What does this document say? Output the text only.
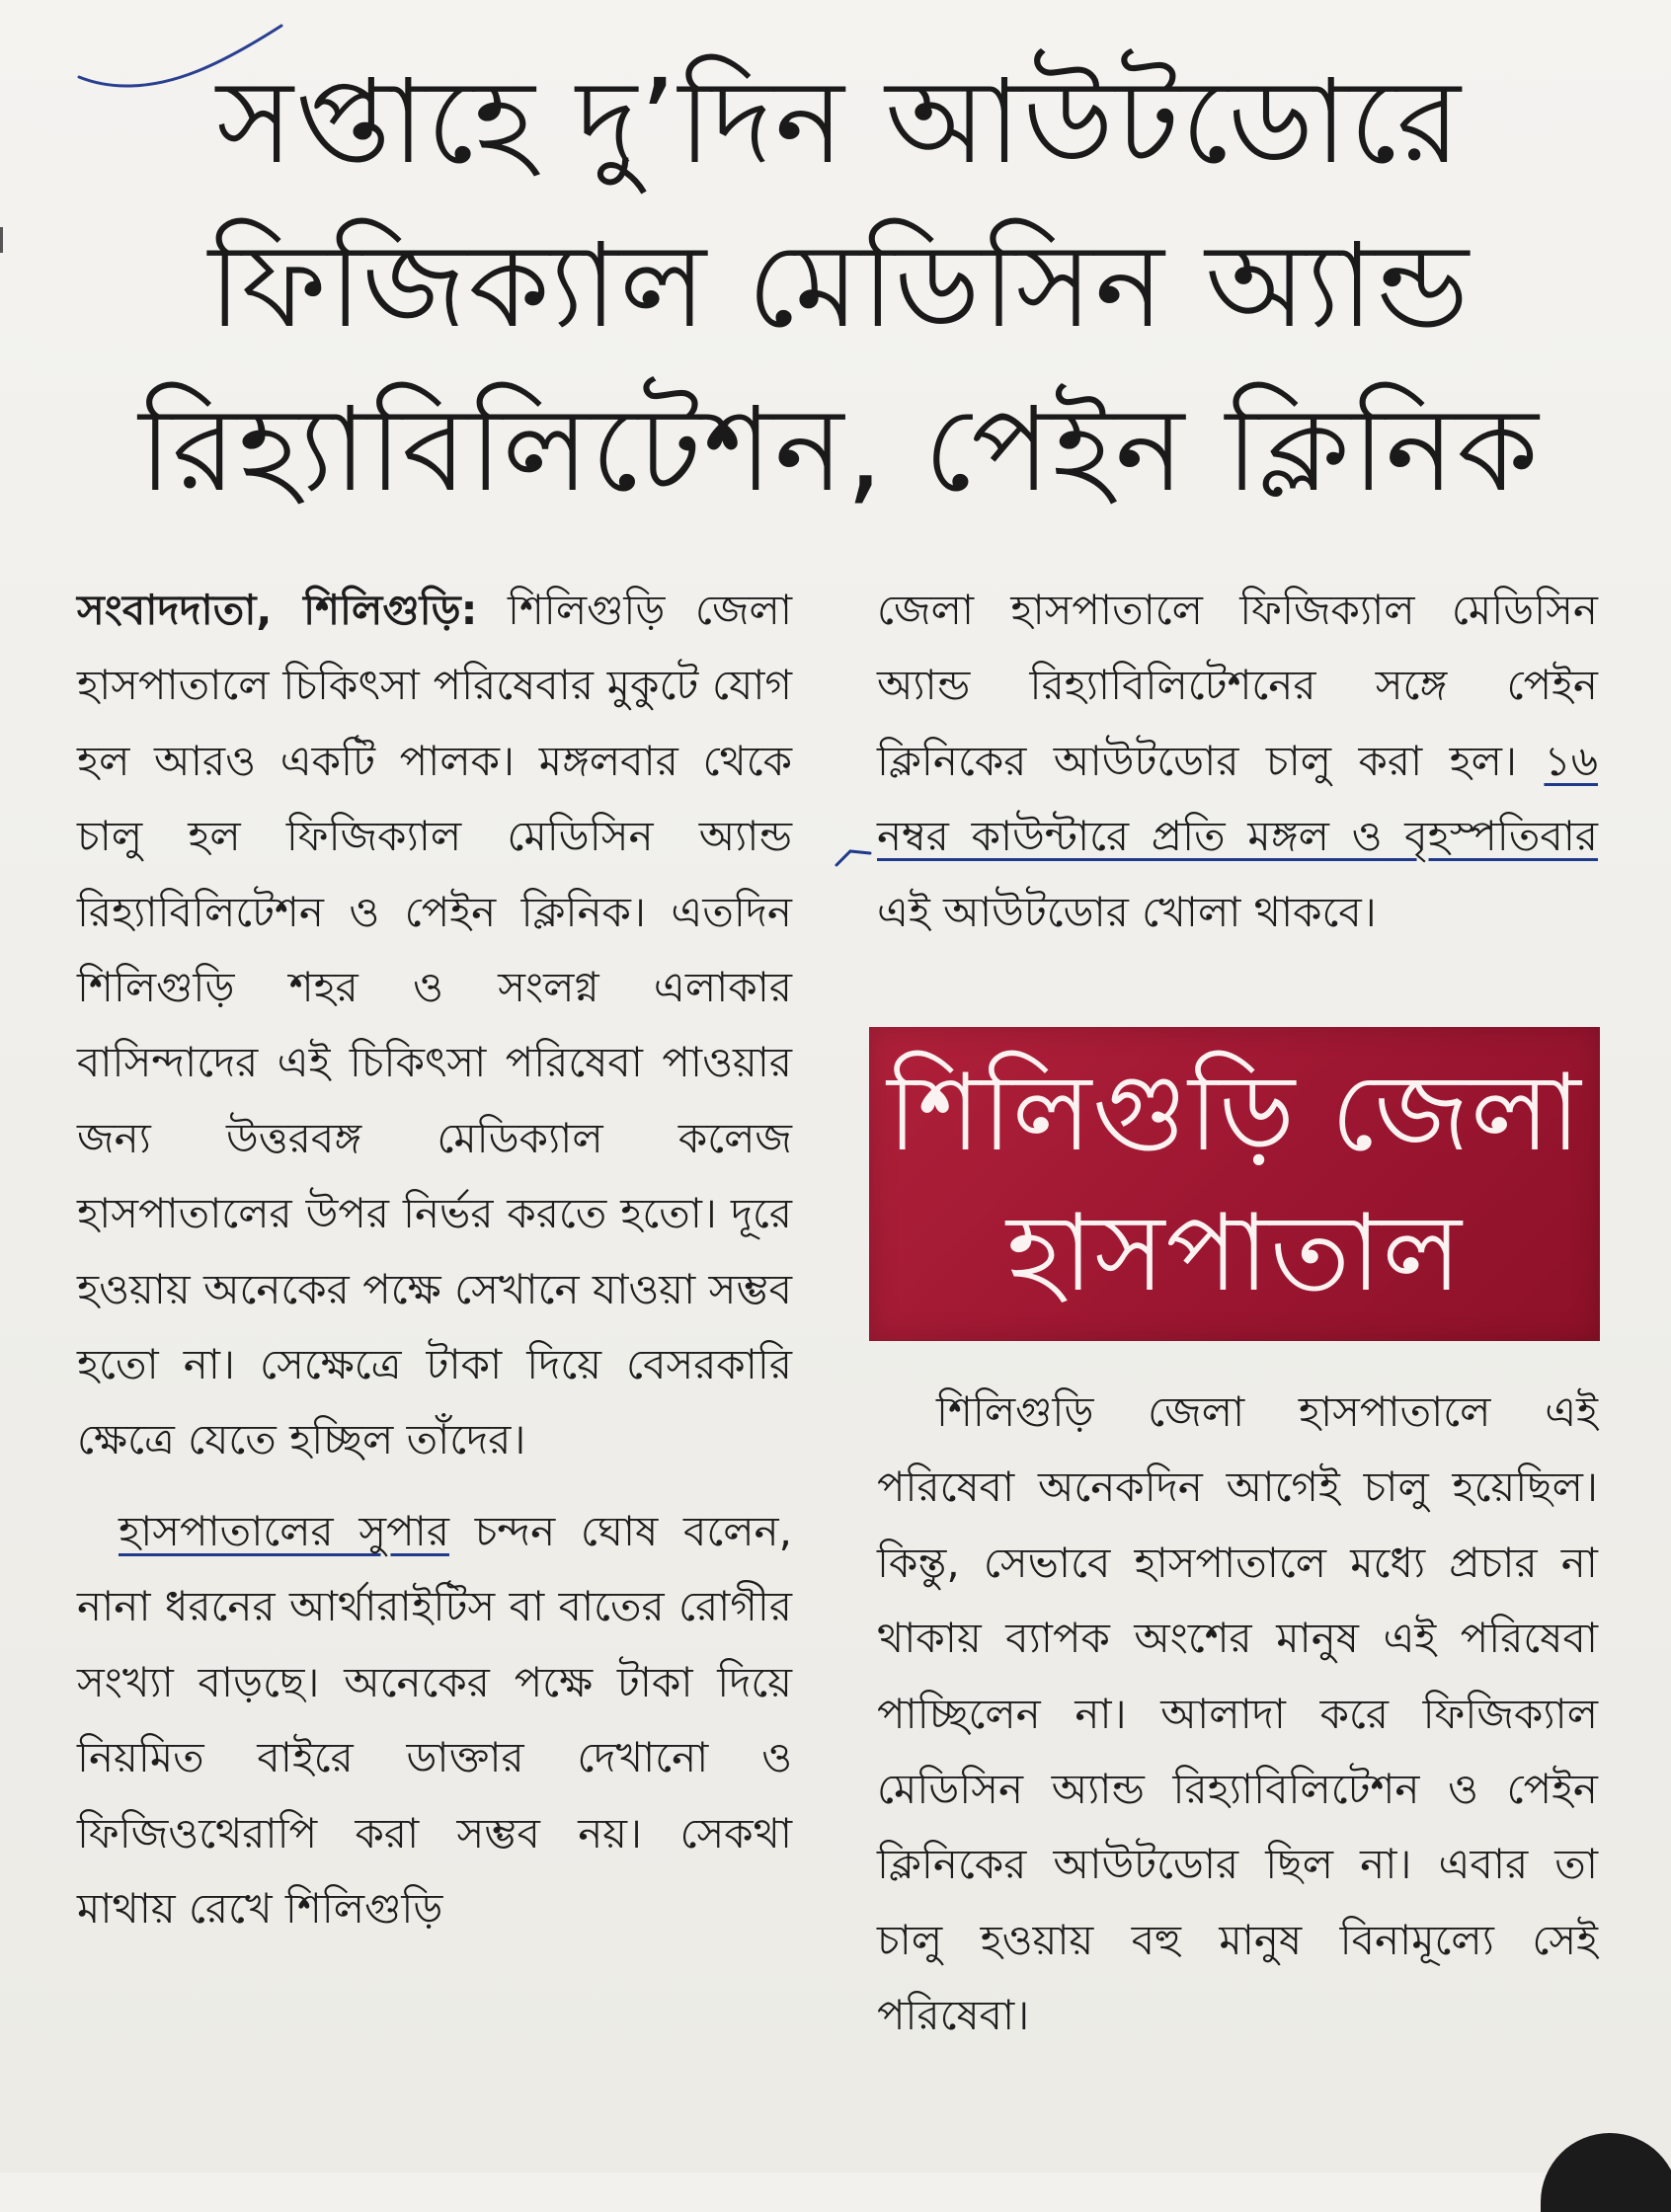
সপ্তাহে দু’দিন আউটডোরে
ফিজিক্যাল মেডিসিন অ্যান্ড
রিহ্যাবিলিটেশন, পেইন ক্লিনিক

সংবাদদাতা, শিলিগুড়ি: শিলিগুড়ি জেলা হাসপাতালে চিকিৎসা পরিষেবার মুকুটে যোগ হল আরও একটি পালক। মঙ্গলবার থেকে চালু হল ফিজিক্যাল মেডিসিন অ্যান্ড রিহ্যাবিলিটেশন ও পেইন ক্লিনিক। এতদিন শিলিগুড়ি শহর ও সংলগ্ন এলাকার বাসিন্দাদের এই চিকিৎসা পরিষেবা পাওয়ার জন্য উত্তরবঙ্গ মেডিক্যাল কলেজ হাসপাতালের উপর নির্ভর করতে হতো। দূরে হওয়ায় অনেকের পক্ষে সেখানে যাওয়া সম্ভব হতো না। সেক্ষেত্রে টাকা দিয়ে বেসরকারি ক্ষেত্রে যেতে হচ্ছিল তাঁদের।

হাসপাতালের সুপার চন্দন ঘোষ বলেন, নানা ধরনের আর্থারাইটিস বা বাতের রোগীর সংখ্যা বাড়ছে। অনেকের পক্ষে টাকা দিয়ে নিয়মিত বাইরে ডাক্তার দেখানো ও ফিজিওথেরাপি করা সম্ভব নয়। সেকথা মাথায় রেখে শিলিগুড়ি

জেলা হাসপাতালে ফিজিক্যাল মেডিসিন অ্যান্ড রিহ্যাবিলিটেশনের সঙ্গে পেইন ক্লিনিকের আউটডোর চালু করা হল। ১৬ নম্বর কাউন্টারে প্রতি মঙ্গল ও বৃহস্পতিবার এই আউটডোর খোলা থাকবে।

শিলিগুড়ি জেলা
হাসপাতাল

শিলিগুড়ি জেলা হাসপাতালে এই পরিষেবা অনেকদিন আগেই চালু হয়েছিল। কিন্তু, সেভাবে হাসপাতালে মধ্যে প্রচার না থাকায় ব্যাপক অংশের মানুষ এই পরিষেবা পাচ্ছিলেন না। আলাদা করে ফিজিক্যাল মেডিসিন অ্যান্ড রিহ্যাবিলিটেশন ও পেইন ক্লিনিকের আউটডোর ছিল না। এবার তা চালু হওয়ায় বহু মানুষ বিনামূল্যে সেই পরিষেবা।
